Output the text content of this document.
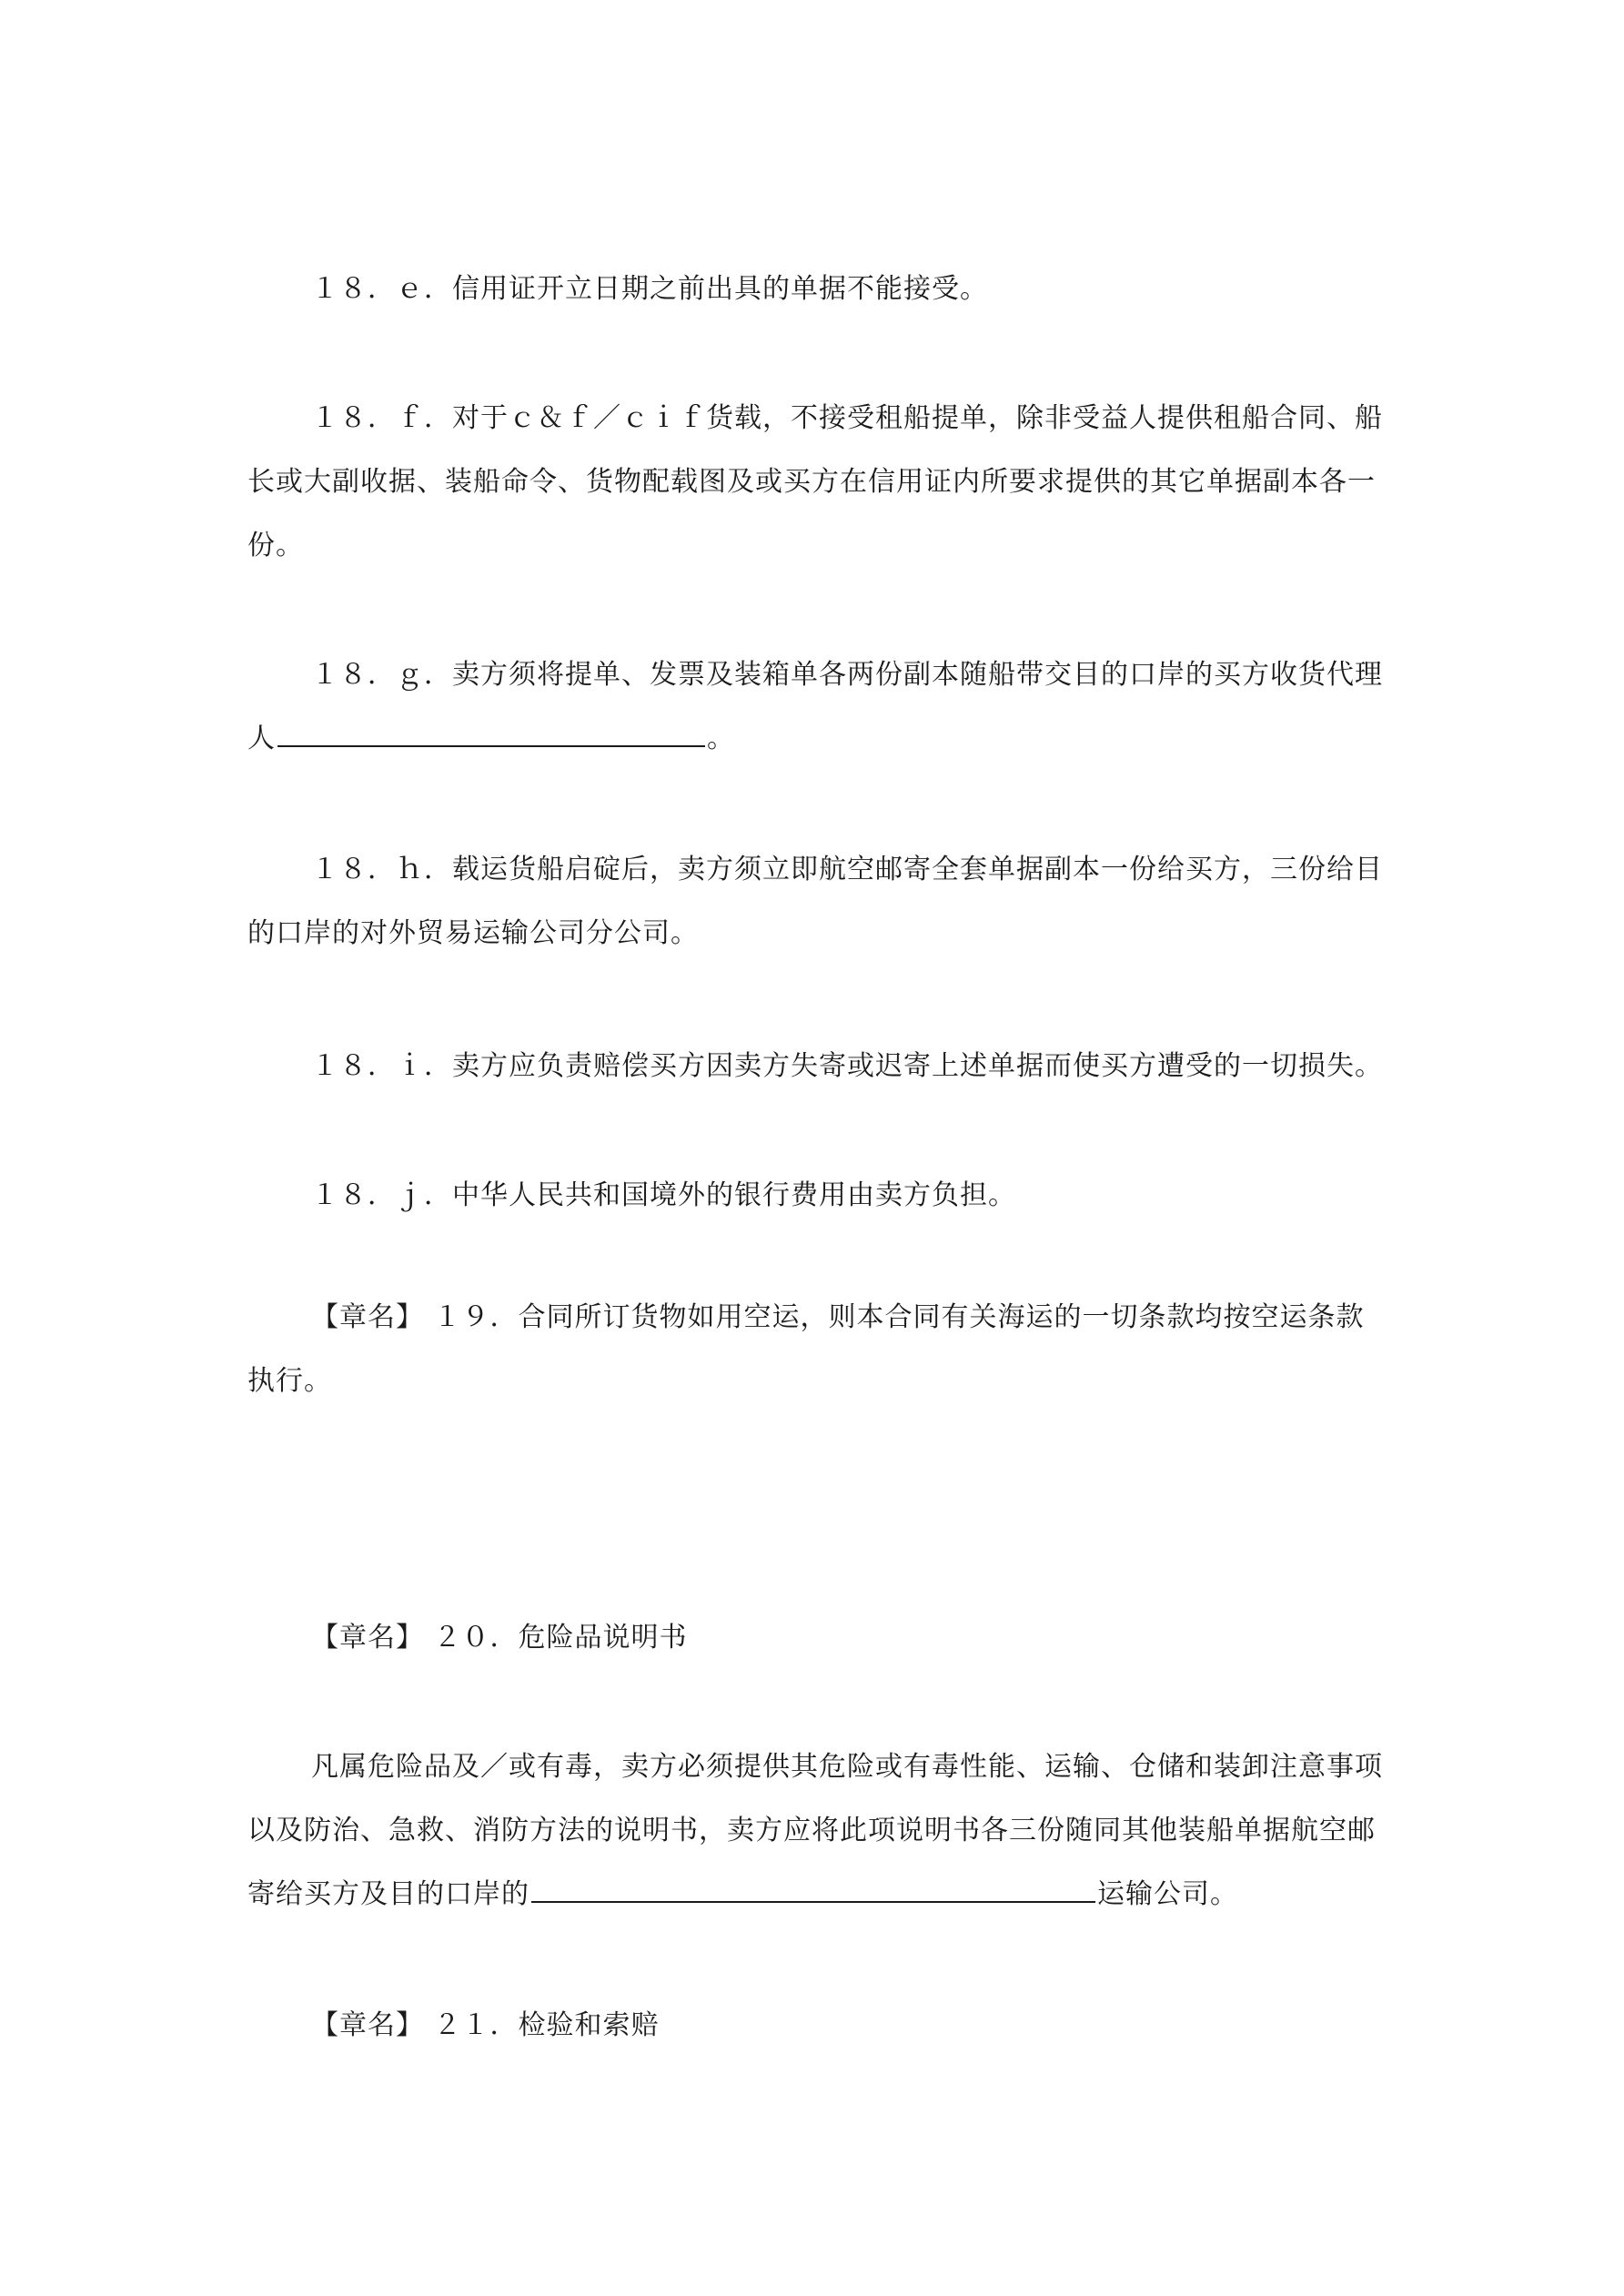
１８．ｅ．信用证开立日期之前出具的单据不能接受。

１８．ｆ．对于ｃ＆ｆ／ｃｉｆ货载，不接受租船提单，除非受益人提供租船合同、船
长或大副收据、装船命令、货物配载图及或买方在信用证内所要求提供的其它单据副本各一
份。

１８．ｇ．卖方须将提单、发票及装箱单各两份副本随船带交目的口岸的买方收货代理
人	。

１８．ｈ．载运货船启碇后，卖方须立即航空邮寄全套单据副本一份给买方，三份给目
的口岸的对外贸易运输公司分公司。

１８．ｉ．卖方应负责赔偿买方因卖方失寄或迟寄上述单据而使买方遭受的一切损失。

１８．ｊ．中华人民共和国境外的银行费用由卖方负担。

【章名】 １９．合同所订货物如用空运，则本合同有关海运的一切条款均按空运条款
执行。

【章名】 ２０．危险品说明书

凡属危险品及／或有毒，卖方必须提供其危险或有毒性能、运输、仓储和装卸注意事项
以及防治、急救、消防方法的说明书，卖方应将此项说明书各三份随同其他装船单据航空邮
寄给买方及目的口岸的	运输公司。

【章名】 ２１．检验和索赔
